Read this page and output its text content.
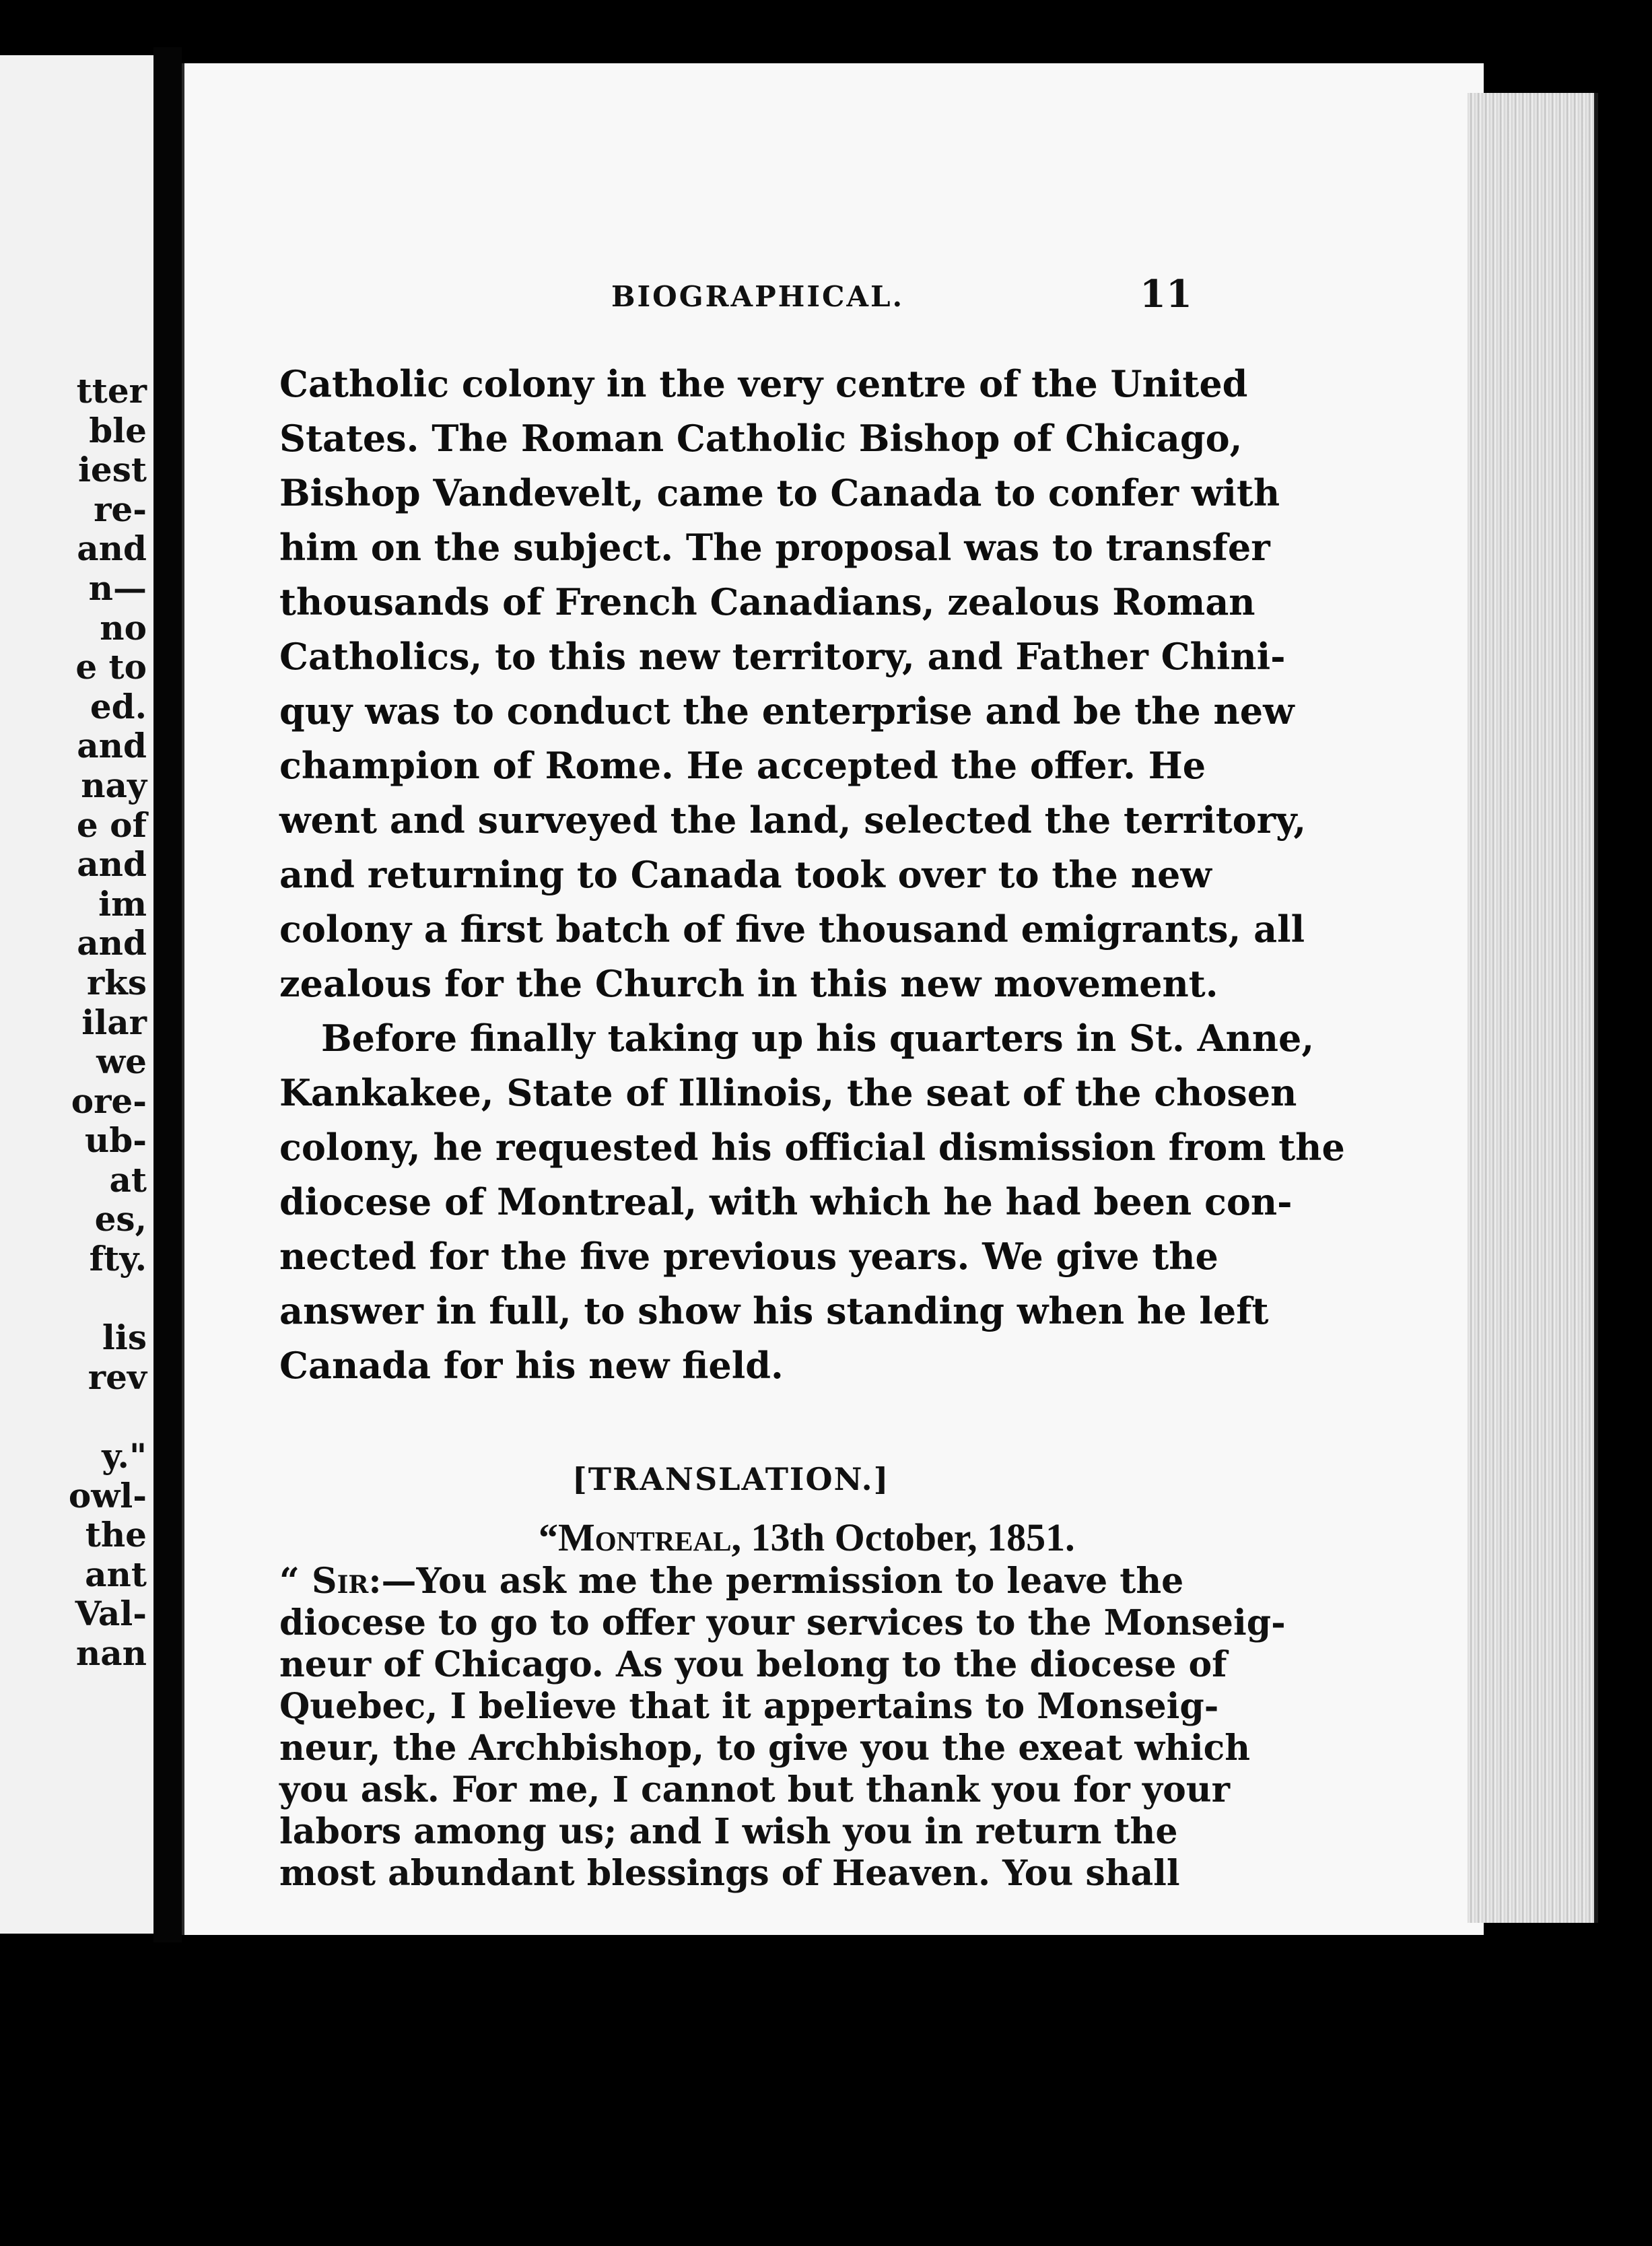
tter
ble
iest
re-
and
n—
no
e to
ed.
and
nay
e of
and
im
and
rks
ilar
we
ore-
ub-
at
es,
fty.

lis
rev

y."
owl-
the
ant
Val-
nan
BIOGRAPHICAL.	11
Catholic colony in the very centre of the United
States. The Roman Catholic Bishop of Chicago,
Bishop Vandevelt, came to Canada to confer with
him on the subject. The proposal was to transfer
thousands of French Canadians, zealous Roman
Catholics, to this new territory, and Father Chini-
quy was to conduct the enterprise and be the new
champion of Rome. He accepted the offer. He
went and surveyed the land, selected the territory,
and returning to Canada took over to the new
colony a first batch of five thousand emigrants, all
zealous for the Church in this new movement.
Before finally taking up his quarters in St. Anne,
Kankakee, State of Illinois, the seat of the chosen
colony, he requested his official dismission from the
diocese of Montreal, with which he had been con-
nected for the five previous years. We give the
answer in full, to show his standing when he left
Canada for his new field.
[TRANSLATION.]
“Montreal, 13th October, 1851.
“ Sir:—You ask me the permission to leave the
diocese to go to offer your services to the Monseig-
neur of Chicago. As you belong to the diocese of
Quebec, I believe that it appertains to Monseig-
neur, the Archbishop, to give you the exeat which
you ask. For me, I cannot but thank you for your
labors among us; and I wish you in return the
most abundant blessings of Heaven. You shall
